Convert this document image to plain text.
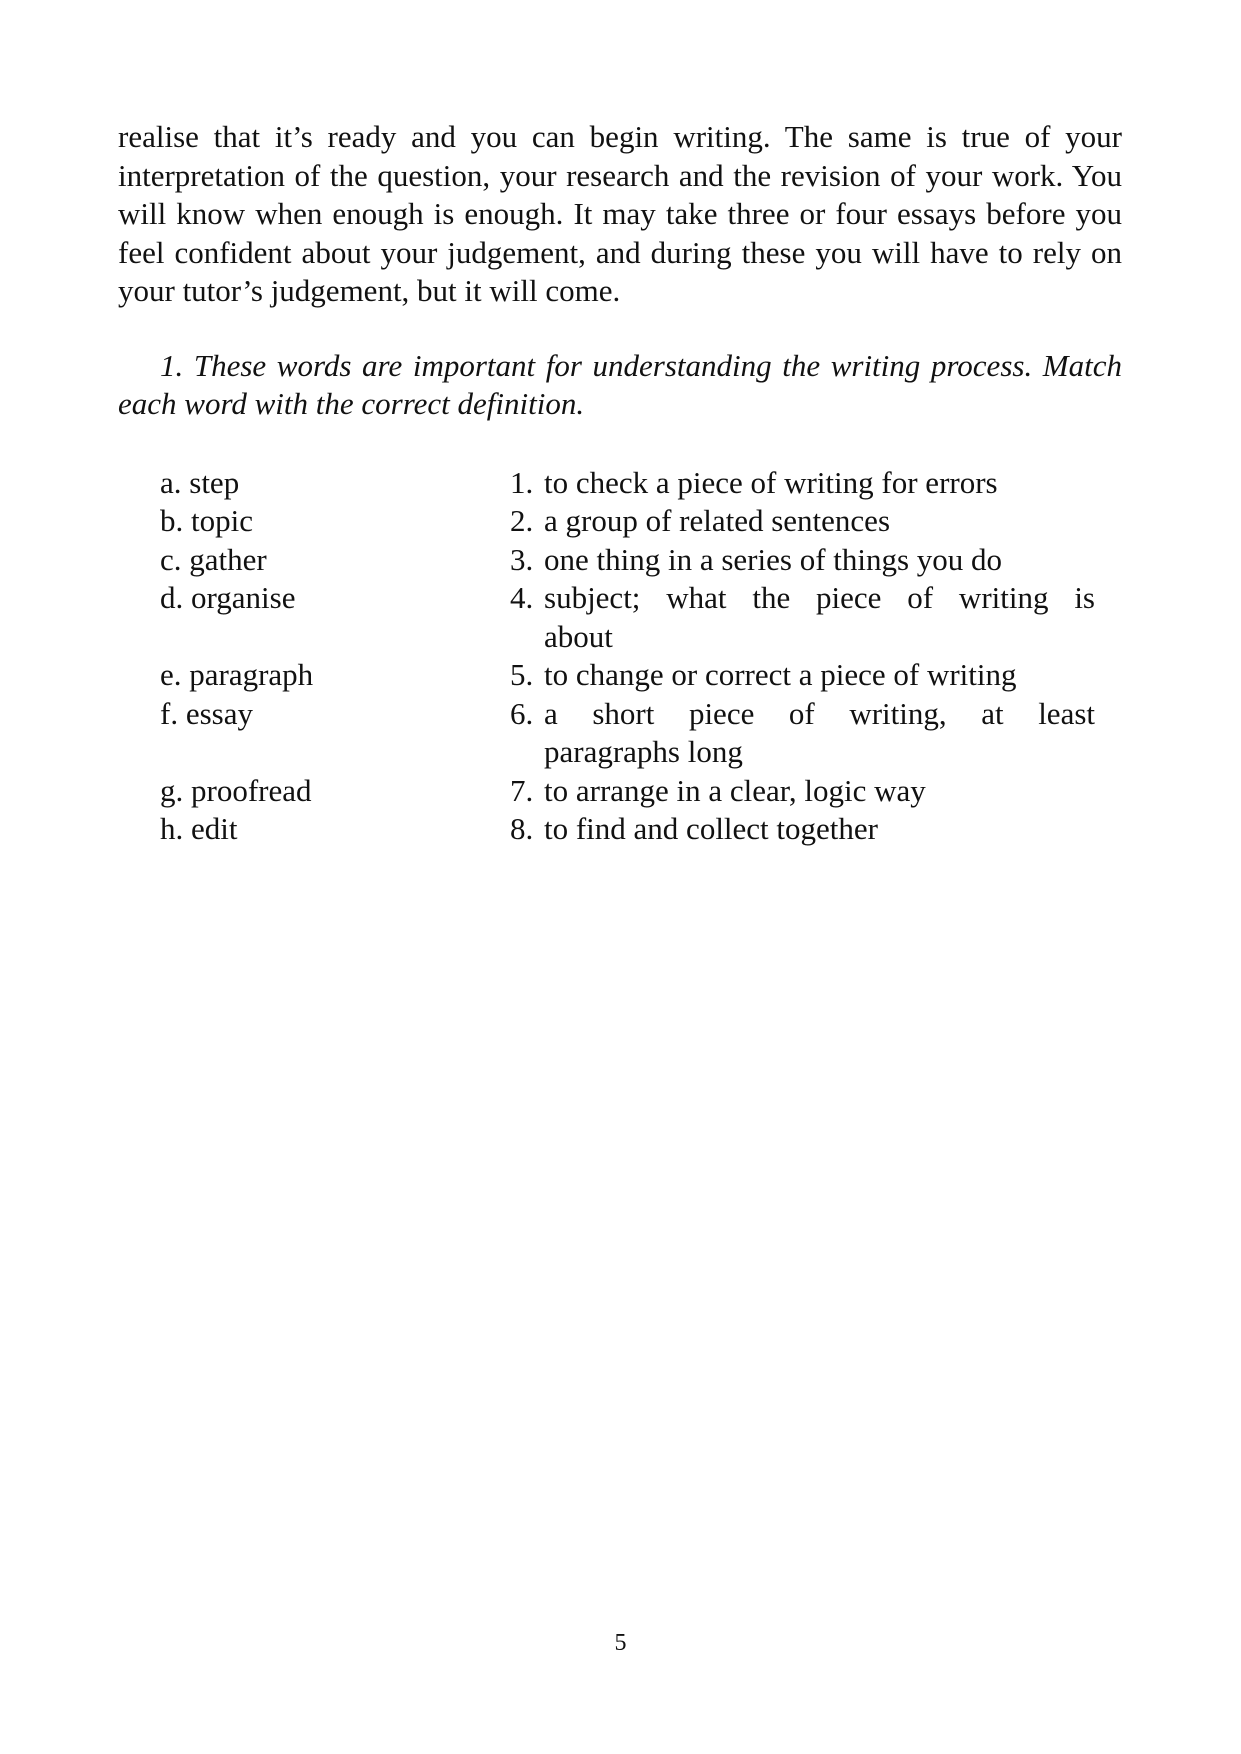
realise that it’s ready and you can begin writing. The same is true of your interpretation of the question, your research and the revision of your work. You will know when enough is enough. It may take three or four essays before you feel confident about your judgement, and during these you will have to rely on your tutor’s judgement, but it will come.

1. These words are important for understanding the writing process. Match each word with the correct definition.

a. step	1. to check a piece of writing for errors
b. topic	2. a group of related sentences
c. gather	3. one thing in a series of things you do
d. organise	4. subject; what the piece of writing is
about
e. paragraph	5. to change or correct a piece of writing
f. essay	6. a short piece of writing, at least
paragraphs long
g. proofread	7. to arrange in a clear, logic way
h. edit	8. to find and collect together
5
